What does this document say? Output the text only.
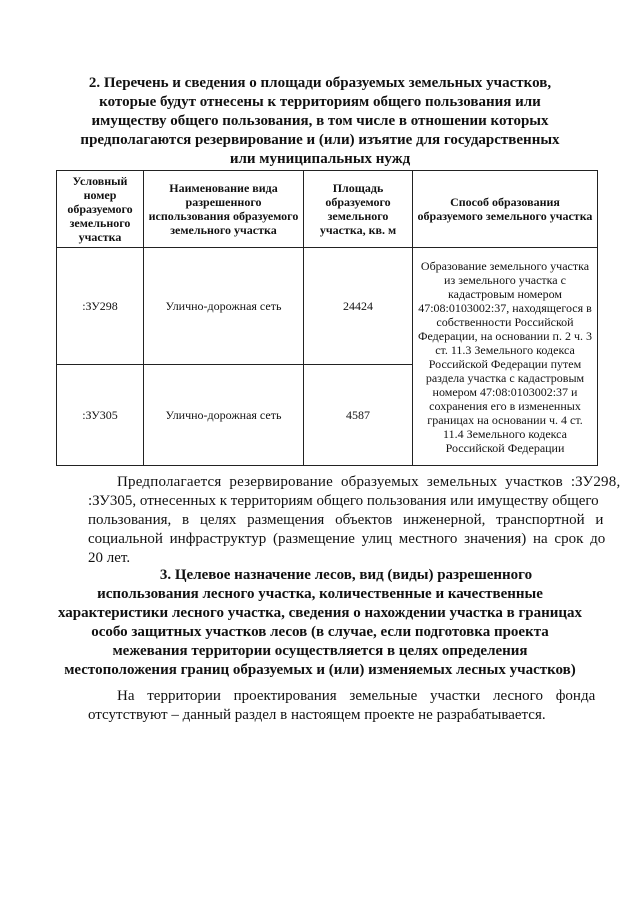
2. Перечень и сведения о площади образуемых земельных участков,
которые будут отнесены к территориям общего пользования или
имуществу общего пользования, в том числе в отношении которых
предполагаются резервирование и (или) изъятие для государственных
или муниципальных нужд
Условный номер образуемого земельного участка	Наименование вида разрешенного использования образуемого земельного участка	Площадь образуемого земельного участка, кв. м	Способ образования образуемого земельного участка
:ЗУ298	Улично-дорожная сеть	24424	Образование земельного участка из земельного участка с кадастровым номером 47:08:0103002:37, находящегося в собственности Российской Федерации, на основании п. 2 ч. 3 ст. 11.3 Земельного кодекса Российской Федерации путем раздела участка с кадастровым номером 47:08:0103002:37 и сохранения его в измененных границах на основании ч. 4 ст. 11.4 Земельного кодекса Российской Федерации
:ЗУ305	Улично-дорожная сеть	4587	
Предполагается резервирование образуемых земельных участков :ЗУ298,
:ЗУ305, отнесенных к территориям общего пользования или имуществу общего
пользования, в целях размещения объектов инженерной, транспортной и
социальной инфраструктур (размещение улиц местного значения) на срок до
20 лет.
3. Целевое назначение лесов, вид (виды) разрешенного
использования лесного участка, количественные и качественные
характеристики лесного участка, сведения о нахождении участка в границах
особо защитных участков лесов (в случае, если подготовка проекта
межевания территории осуществляется в целях определения
местоположения границ образуемых и (или) изменяемых лесных участков)
На территории проектирования земельные участки лесного фонда
отсутствуют – данный раздел в настоящем проекте не разрабатывается.
